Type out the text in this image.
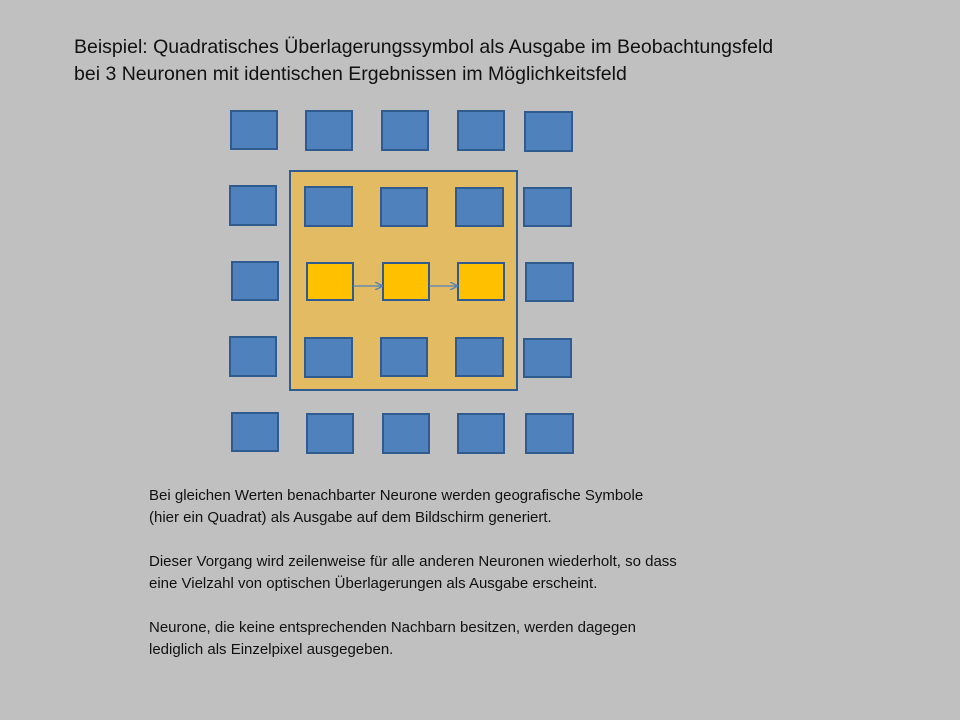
Beispiel: Quadratisches Überlagerungssymbol als Ausgabe im Beobachtungsfeld
bei 3 Neuronen mit identischen Ergebnissen im Möglichkeitsfeld

Bei gleichen Werten benachbarter Neurone werden geografische Symbole
(hier ein Quadrat) als Ausgabe auf dem Bildschirm generiert.

Dieser Vorgang wird zeilenweise für alle anderen Neuronen wiederholt, so dass
eine Vielzahl von optischen Überlagerungen als Ausgabe erscheint.

Neurone, die keine entsprechenden Nachbarn besitzen, werden dagegen
lediglich als Einzelpixel ausgegeben.
